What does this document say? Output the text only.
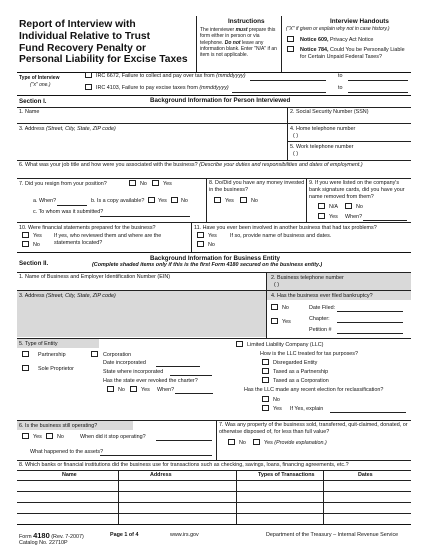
Report of Interview with
Individual Relative to Trust
Fund Recovery Penalty or
Personal Liability for Excise Taxes
Instructions
The interviewer must prepare this form either in person or via telephone. Do not leave any information blank. Enter "N/A" if an item is not applicable.
Interview Handouts
("X" if given or explain why not in case history.)
Notice 609, Privacy Act Notice
Notice 784, Could You be Personally Liable for Certain Unpaid Federal Taxes?
Type of Interview
("x" one.)
IRC 6672, Failure to collect and pay over tax from (mmddyyyy)	to
IRC 4103, Failure to pay excise taxes from (mmddyyyy)	to
Section I.	Background Information for Person Interviewed
1. Name	2. Social Security Number (SSN)
3. Address (Street, City, State, ZIP code)	4. Home telephone number
( )
5. Work telephone number
( )
6. What was your job title and how were you associated with the business? (Describe your duties and responsibilities and dates of employment.)
7. Did you resign from your position?	No	Yes
a. When?	b. Is a copy available?	Yes	No
c. To whom was it submitted?
8. Do/Did you have any money invested in the business?
Yes	No
9. If you were listed on the company's bank signature cards, did you have your name removed from them?
N/A	No
Yes When?
10. Were financial statements prepared for the business?
Yes If yes, who reviewed them and where are the statements located?
No
11. Have you ever been involved in another business that had tax problems?
Yes If so, provide name of business and dates.
No
Section II.
Background Information for Business Entity
(Complete shaded items only if this is the first Form 4180 secured on the business entity.)
1. Name of Business and Employer Identification Number (EIN)	2. Business telephone number
( )
3. Address (Street, City, State, ZIP code)	4. Has the business ever filed bankruptcy?
No	Date Filed:
Yes	Chapter:
Petition #
5. Type of Entity
Partnership
Sole Proprietor
Corporation
Date incorporated
State where incorporated
Has the state ever revoked the charter?
No	Yes When?
Limited Liability Company (LLC)
How is the LLC treated for tax purposes?
Disregarded Entity
Taxed as a Partnership
Taxed as a Corporation
Has the LLC made any recent election for reclassification?
No
Yes If Yes, explain
6. Is the business still operating?
Yes	No	When did it stop operating?
What happened to the assets?
7. Was any property of the business sold, transferred, quit-claimed, donated, or otherwise disposed of, for less than full value?
No	Yes (Provide explanation.)
8. Which banks or financial institutions did the business use for transactions such as checking, savings, loans, financing agreements, etc.?
Name	Address	Types of Transactions	Dates
Form 4180 (Rev. 7-2007)
Catalog No. 22710P
Page 1 of 4	www.irs.gov	Department of the Treasury – Internal Revenue Service
